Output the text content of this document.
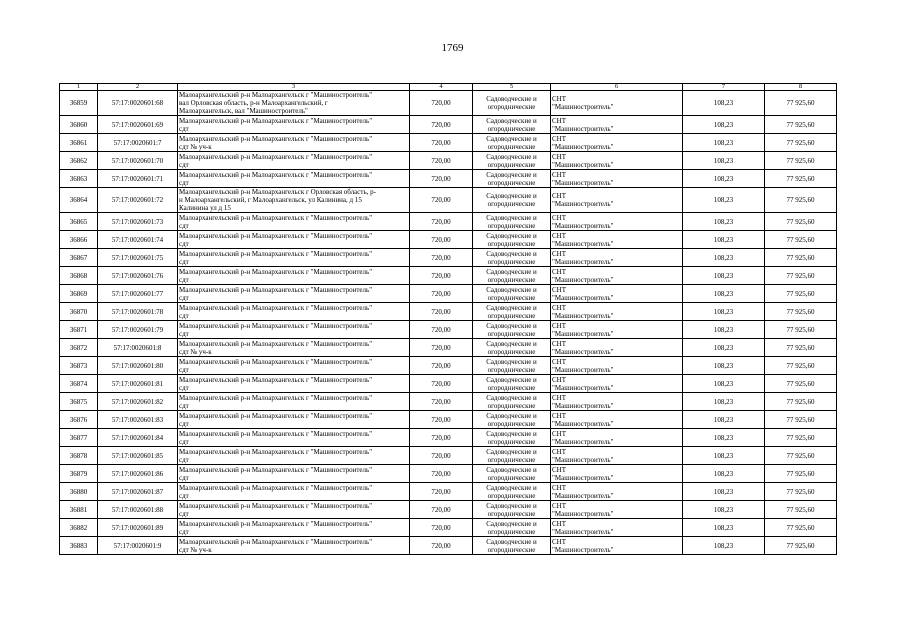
1769
1	2	3	4	5	6	7	8
36859	57:17:0020601:68	Малоархангельский р-н Малоархангельск г "Машиностроитель"
вал Орловская область, р-н Малоархангельский, г
Малоархангельск, вал "Машиностроитель"	720,00	Садоводческие и
огороднические	СНТ
"Машиностроитель"	108,23	77 925,60
36860	57:17:0020601:69	Малоархангельский р-н Малоархангельск г "Машиностроитель"
сдт	720,00	Садоводческие и
огороднические	СНТ
"Машиностроитель"	108,23	77 925,60
36861	57:17:0020601:7	Малоархангельский р-н Малоархангельск г "Машиностроитель"
сдт № уч-к	720,00	Садоводческие и
огороднические	СНТ
"Машиностроитель"	108,23	77 925,60
36862	57:17:0020601:70	Малоархангельский р-н Малоархангельск г "Машиностроитель"
сдт	720,00	Садоводческие и
огороднические	СНТ
"Машиностроитель"	108,23	77 925,60
36863	57:17:0020601:71	Малоархангельский р-н Малоархангельск г "Машиностроитель"
сдт	720,00	Садоводческие и
огороднические	СНТ
"Машиностроитель"	108,23	77 925,60
36864	57:17:0020601:72	Малоархангельский р-н Малоархангельск г Орловская область, р-
н Малоархангельский, г Малоархангельск, ул Калинина, д 15
Калинина ул д 15	720,00	Садоводческие и
огороднические	СНТ
"Машиностроитель"	108,23	77 925,60
36865	57:17:0020601:73	Малоархангельский р-н Малоархангельск г "Машиностроитель"
сдт	720,00	Садоводческие и
огороднические	СНТ
"Машиностроитель"	108,23	77 925,60
36866	57:17:0020601:74	Малоархангельский р-н Малоархангельск г "Машиностроитель"
сдт	720,00	Садоводческие и
огороднические	СНТ
"Машиностроитель"	108,23	77 925,60
36867	57:17:0020601:75	Малоархангельский р-н Малоархангельск г "Машиностроитель"
сдт	720,00	Садоводческие и
огороднические	СНТ
"Машиностроитель"	108,23	77 925,60
36868	57:17:0020601:76	Малоархангельский р-н Малоархангельск г "Машиностроитель"
сдт	720,00	Садоводческие и
огороднические	СНТ
"Машиностроитель"	108,23	77 925,60
36869	57:17:0020601:77	Малоархангельский р-н Малоархангельск г "Машиностроитель"
сдт	720,00	Садоводческие и
огороднические	СНТ
"Машиностроитель"	108,23	77 925,60
36870	57:17:0020601:78	Малоархангельский р-н Малоархангельск г "Машиностроитель"
сдт	720,00	Садоводческие и
огороднические	СНТ
"Машиностроитель"	108,23	77 925,60
36871	57:17:0020601:79	Малоархангельский р-н Малоархангельск г "Машиностроитель"
сдт	720,00	Садоводческие и
огороднические	СНТ
"Машиностроитель"	108,23	77 925,60
36872	57:17:0020601:8	Малоархангельский р-н Малоархангельск г "Машиностроитель"
сдт № уч-к	720,00	Садоводческие и
огороднические	СНТ
"Машиностроитель"	108,23	77 925,60
36873	57:17:0020601:80	Малоархангельский р-н Малоархангельск г "Машиностроитель"
сдт	720,00	Садоводческие и
огороднические	СНТ
"Машиностроитель"	108,23	77 925,60
36874	57:17:0020601:81	Малоархангельский р-н Малоархангельск г "Машиностроитель"
сдт	720,00	Садоводческие и
огороднические	СНТ
"Машиностроитель"	108,23	77 925,60
36875	57:17:0020601:82	Малоархангельский р-н Малоархангельск г "Машиностроитель"
сдт	720,00	Садоводческие и
огороднические	СНТ
"Машиностроитель"	108,23	77 925,60
36876	57:17:0020601:83	Малоархангельский р-н Малоархангельск г "Машиностроитель"
сдт	720,00	Садоводческие и
огороднические	СНТ
"Машиностроитель"	108,23	77 925,60
36877	57:17:0020601:84	Малоархангельский р-н Малоархангельск г "Машиностроитель"
сдт	720,00	Садоводческие и
огороднические	СНТ
"Машиностроитель"	108,23	77 925,60
36878	57:17:0020601:85	Малоархангельский р-н Малоархангельск г "Машиностроитель"
сдт	720,00	Садоводческие и
огороднические	СНТ
"Машиностроитель"	108,23	77 925,60
36879	57:17:0020601:86	Малоархангельский р-н Малоархангельск г "Машиностроитель"
сдт	720,00	Садоводческие и
огороднические	СНТ
"Машиностроитель"	108,23	77 925,60
36880	57:17:0020601:87	Малоархангельский р-н Малоархангельск г "Машиностроитель"
сдт	720,00	Садоводческие и
огороднические	СНТ
"Машиностроитель"	108,23	77 925,60
36881	57:17:0020601:88	Малоархангельский р-н Малоархангельск г "Машиностроитель"
сдт	720,00	Садоводческие и
огороднические	СНТ
"Машиностроитель"	108,23	77 925,60
36882	57:17:0020601:89	Малоархангельский р-н Малоархангельск г "Машиностроитель"
сдт	720,00	Садоводческие и
огороднические	СНТ
"Машиностроитель"	108,23	77 925,60
36883	57:17:0020601:9	Малоархангельский р-н Малоархангельск г "Машиностроитель"
сдт № уч-к	720,00	Садоводческие и
огороднические	СНТ
"Машиностроитель"	108,23	77 925,60
